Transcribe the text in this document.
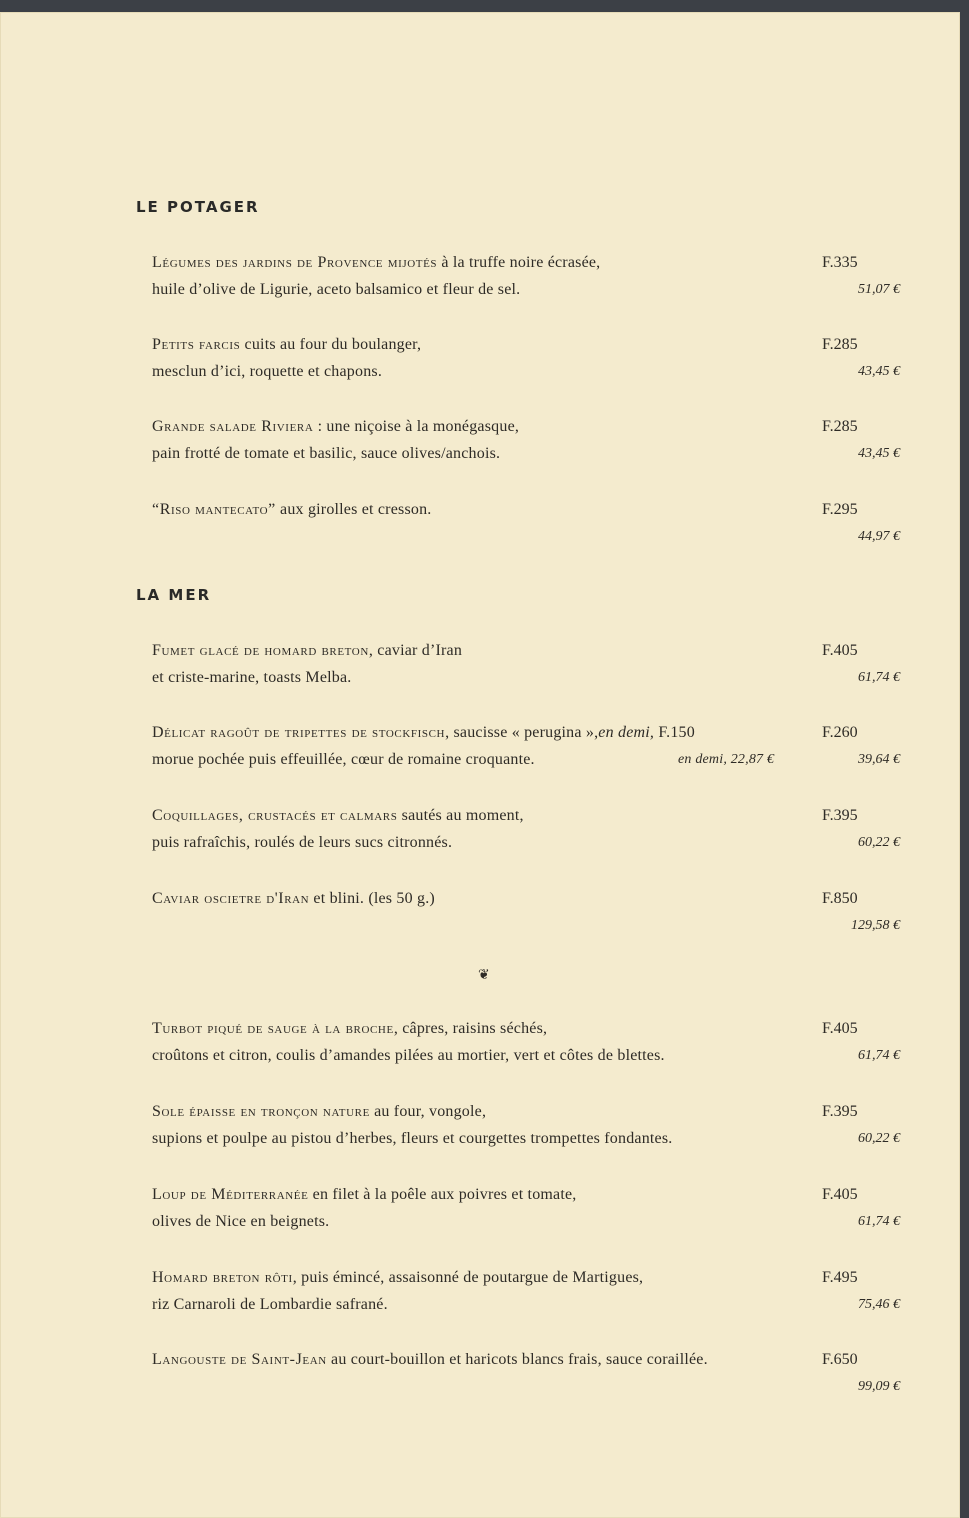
LE POTAGER
Légumes des jardins de Provence mijotés à la truffe noire écrasée,
huile d’olive de Ligurie, aceto balsamico et fleur de sel.
F.335
51,07 €
Petits farcis cuits au four du boulanger,
mesclun d’ici, roquette et chapons.
F.285
43,45 €
Grande salade Riviera : une niçoise à la monégasque,
pain frotté de tomate et basilic, sauce olives/anchois.
F.285
43,45 €
“Riso mantecato” aux girolles et cresson.	F.295
44,97 €
LA MER
Fumet glacé de homard breton, caviar d’Iran
et criste-marine, toasts Melba.
F.405
61,74 €
Délicat ragoût de tripettes de stockfisch, saucisse « perugina »,en demi, F.150
morue pochée puis effeuillée, cœur de romaine croquante.	en demi, 22,87 €
F.260
39,64 €
Coquillages, crustacés et calmars sautés au moment,
puis rafraîchis, roulés de leurs sucs citronnés.
F.395
60,22 €
Caviar oscietre d'Iran et blini. (les 50 g.)	F.850
129,58 €
❦
Turbot piqué de sauge à la broche, câpres, raisins séchés,
croûtons et citron, coulis d’amandes pilées au mortier, vert et côtes de blettes.
F.405
61,74 €
Sole épaisse en tronçon nature au four, vongole,
supions et poulpe au pistou d’herbes, fleurs et courgettes trompettes fondantes.
F.395
60,22 €
Loup de Méditerranée en filet à la poêle aux poivres et tomate,
olives de Nice en beignets.
F.405
61,74 €
Homard breton rôti, puis émincé, assaisonné de poutargue de Martigues,
riz Carnaroli de Lombardie safrané.
F.495
75,46 €
Langouste de Saint-Jean au court-bouillon et haricots blancs frais, sauce coraillée.	F.650
99,09 €
